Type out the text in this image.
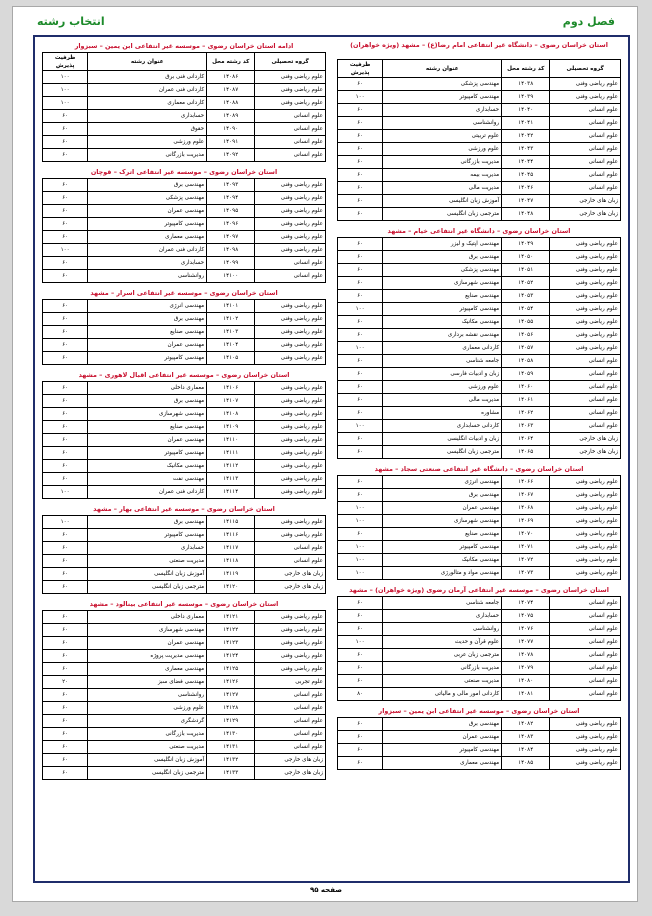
فصل دوم
انتخاب رشته
استان خراسان رضوی – دانشگاه غیر انتفاعی امام رضا(ع) – مشهد (ویژه خواهران)
گروه تحصیلی	کد رشته محل	عنوان رشته	ظرفیت پذیرش
علوم ریاضی وفنی	۱۴۰۳۸	مهندسی پزشکی	۶۰
علوم ریاضی وفنی	۱۴۰۳۹	مهندسی کامپیوتر	۱۰۰
علوم انسانی	۱۴۰۴۰	حسابداری	۶۰
علوم انسانی	۱۴۰۴۱	روانشناسی	۶۰
علوم انسانی	۱۴۰۴۲	علوم تربیتی	۶۰
علوم انسانی	۱۴۰۴۳	علوم ورزشی	۶۰
علوم انسانی	۱۴۰۴۴	مدیریت بازرگانی	۶۰
علوم انسانی	۱۴۰۴۵	مدیریت بیمه	۶۰
علوم انسانی	۱۴۰۴۶	مدیریت مالی	۶۰
زبان های خارجی	۱۴۰۴۷	آموزش زبان انگلیسی	۶۰
زبان های خارجی	۱۴۰۴۸	مترجمی زبان انگلیسی	۶۰
استان خراسان رضوی – دانشگاه غیر انتفاعی خیام – مشهد
علوم ریاضی وفنی	۱۴۰۴۹	مهندسی اپتیک و لیزر	۶۰
علوم ریاضی وفنی	۱۴۰۵۰	مهندسی برق	۶۰
علوم ریاضی وفنی	۱۴۰۵۱	مهندسی پزشکی	۶۰
علوم ریاضی وفنی	۱۴۰۵۲	مهندسی شهرسازی	۶۰
علوم ریاضی وفنی	۱۴۰۵۳	مهندسی صنایع	۶۰
علوم ریاضی وفنی	۱۴۰۵۴	مهندسی کامپیوتر	۱۰۰
علوم ریاضی وفنی	۱۴۰۵۵	مهندسی مکانیک	۶۰
علوم ریاضی وفنی	۱۴۰۵۶	مهندسی نقشه برداری	۶۰
علوم ریاضی وفنی	۱۴۰۵۷	کاردانی معماری	۱۰۰
علوم انسانی	۱۴۰۵۸	جامعه شناسی	۶۰
علوم انسانی	۱۴۰۵۹	زبان و ادبیات فارسی	۶۰
علوم انسانی	۱۴۰۶۰	علوم ورزشی	۶۰
علوم انسانی	۱۴۰۶۱	مدیریت مالی	۶۰
علوم انسانی	۱۴۰۶۲	مشاوره	۶۰
علوم انسانی	۱۴۰۶۳	کاردانی حسابداری	۱۰۰
زبان های خارجی	۱۴۰۶۴	زبان و ادبیات انگلیسی	۶۰
زبان های خارجی	۱۴۰۶۵	مترجمی زبان انگلیسی	۶۰
استان خراسان رضوی – دانشگاه غیر انتفاعی صنعتی سجاد – مشهد
علوم ریاضی وفنی	۱۴۰۶۶	مهندسی انرژی	۶۰
علوم ریاضی وفنی	۱۴۰۶۷	مهندسی برق	۶۰
علوم ریاضی وفنی	۱۴۰۶۸	مهندسی عمران	۱۰۰
علوم ریاضی وفنی	۱۴۰۶۹	مهندسی شهرسازی	۱۰۰
علوم ریاضی وفنی	۱۴۰۷۰	مهندسی صنایع	۶۰
علوم ریاضی وفنی	۱۴۰۷۱	مهندسی کامپیوتر	۱۰۰
علوم ریاضی وفنی	۱۴۰۷۲	مهندسی مکانیک	۱۰۰
علوم ریاضی وفنی	۱۴۰۷۳	مهندسی مواد و متالورژی	۱۰۰
استان خراسان رضوی – موسسه غیر انتفاعی آرمان رضوی (ویژه خواهران) – مشهد
علوم انسانی	۱۴۰۷۴	جامعه شناسی	۶۰
علوم انسانی	۱۴۰۷۵	حسابداری	۶۰
علوم انسانی	۱۴۰۷۶	روانشناسی	۶۰
علوم انسانی	۱۴۰۷۷	علوم قرآن و حدیث	۱۰۰
علوم انسانی	۱۴۰۷۸	مترجمی زبان عربی	۶۰
علوم انسانی	۱۴۰۷۹	مدیریت بازرگانی	۶۰
علوم انسانی	۱۴۰۸۰	مدیریت صنعتی	۶۰
علوم انسانی	۱۴۰۸۱	کاردانی امور مالی و مالیاتی	۸۰
استان خراسان رضوی – موسسه غیر انتفاعی ابن یمین – سبزوار
علوم ریاضی وفنی	۱۴۰۸۲	مهندسی برق	۶۰
علوم ریاضی وفنی	۱۴۰۸۳	مهندسی عمران	۶۰
علوم ریاضی وفنی	۱۴۰۸۴	مهندسی کامپیوتر	۶۰
علوم ریاضی وفنی	۱۴۰۸۵	مهندسی معماری	۶۰
ادامه استان خراسان رضوی – موسسه غیر انتفاعی ابن یمین – سبزوار
گروه تحصیلی	کد رشته محل	عنوان رشته	ظرفیت پذیرش
علوم ریاضی وفنی	۱۴۰۸۶	کاردانی فنی برق	۱۰۰
علوم ریاضی وفنی	۱۴۰۸۷	کاردانی فنی عمران	۱۰۰
علوم ریاضی وفنی	۱۴۰۸۸	کاردانی معماری	۱۰۰
علوم انسانی	۱۴۰۸۹	حسابداری	۶۰
علوم انسانی	۱۴۰۹۰	حقوق	۶۰
علوم انسانی	۱۴۰۹۱	علوم ورزشی	۶۰
علوم انسانی	۱۴۰۹۲	مدیریت بازرگانی	۶۰
استان خراسان رضوی – موسسه غیر انتفاعی اترک – قوچان
علوم ریاضی وفنی	۱۴۰۹۳	مهندسی برق	۶۰
علوم ریاضی وفنی	۱۴۰۹۴	مهندسی پزشکی	۶۰
علوم ریاضی وفنی	۱۴۰۹۵	مهندسی عمران	۶۰
علوم ریاضی وفنی	۱۴۰۹۶	مهندسی کامپیوتر	۶۰
علوم ریاضی وفنی	۱۴۰۹۷	مهندسی معماری	۶۰
علوم ریاضی وفنی	۱۴۰۹۸	کاردانی فنی عمران	۱۰۰
علوم انسانی	۱۴۰۹۹	حسابداری	۶۰
علوم انسانی	۱۴۱۰۰	روانشناسی	۶۰
استان خراسان رضوی – موسسه غیر انتفاعی اسرار – مشهد
علوم ریاضی وفنی	۱۴۱۰۱	مهندسی انرژی	۶۰
علوم ریاضی وفنی	۱۴۱۰۲	مهندسی برق	۶۰
علوم ریاضی وفنی	۱۴۱۰۳	مهندسی صنایع	۶۰
علوم ریاضی وفنی	۱۴۱۰۴	مهندسی عمران	۶۰
علوم ریاضی وفنی	۱۴۱۰۵	مهندسی کامپیوتر	۶۰
استان خراسان رضوی – موسسه غیر انتفاعی اقبال لاهوری – مشهد
علوم ریاضی وفنی	۱۴۱۰۶	معماری داخلی	۶۰
علوم ریاضی وفنی	۱۴۱۰۷	مهندسی برق	۶۰
علوم ریاضی وفنی	۱۴۱۰۸	مهندسی شهرسازی	۶۰
علوم ریاضی وفنی	۱۴۱۰۹	مهندسی صنایع	۶۰
علوم ریاضی وفنی	۱۴۱۱۰	مهندسی عمران	۶۰
علوم ریاضی وفنی	۱۴۱۱۱	مهندسی کامپیوتر	۶۰
علوم ریاضی وفنی	۱۴۱۱۲	مهندسی مکانیک	۶۰
علوم ریاضی وفنی	۱۴۱۱۳	مهندسی نفت	۶۰
علوم ریاضی وفنی	۱۴۱۱۴	کاردانی فنی عمران	۱۰۰
استان خراسان رضوی – موسسه غیر انتفاعی بهار – مشهد
علوم ریاضی وفنی	۱۴۱۱۵	مهندسی برق	۱۰۰
علوم ریاضی وفنی	۱۴۱۱۶	مهندسی کامپیوتر	۶۰
علوم انسانی	۱۴۱۱۷	حسابداری	۶۰
علوم انسانی	۱۴۱۱۸	مدیریت صنعتی	۶۰
زبان های خارجی	۱۴۱۱۹	آموزش زبان انگلیسی	۶۰
زبان های خارجی	۱۴۱۲۰	مترجمی زبان انگلیسی	۶۰
استان خراسان رضوی – موسسه غیر انتفاعی بینالود – مشهد
علوم ریاضی وفنی	۱۴۱۲۱	معماری داخلی	۶۰
علوم ریاضی وفنی	۱۴۱۲۲	مهندسی شهرسازی	۶۰
علوم ریاضی وفنی	۱۴۱۲۳	مهندسی عمران	۶۰
علوم ریاضی وفنی	۱۴۱۲۴	مهندسی مدیریت پروژه	۶۰
علوم ریاضی وفنی	۱۴۱۲۵	مهندسی معماری	۶۰
علوم تجربی	۱۴۱۲۶	مهندسی فضای سبز	۲۰
علوم انسانی	۱۴۱۲۷	روانشناسی	۶۰
علوم انسانی	۱۴۱۲۸	علوم ورزشی	۶۰
علوم انسانی	۱۴۱۲۹	گردشگری	۶۰
علوم انسانی	۱۴۱۳۰	مدیریت بازرگانی	۶۰
علوم انسانی	۱۴۱۳۱	مدیریت صنعتی	۶۰
زبان های خارجی	۱۴۱۳۲	آموزش زبان انگلیسی	۶۰
زبان های خارجی	۱۴۱۳۳	مترجمی زبان انگلیسی	۶۰
صفحه ۹۵
